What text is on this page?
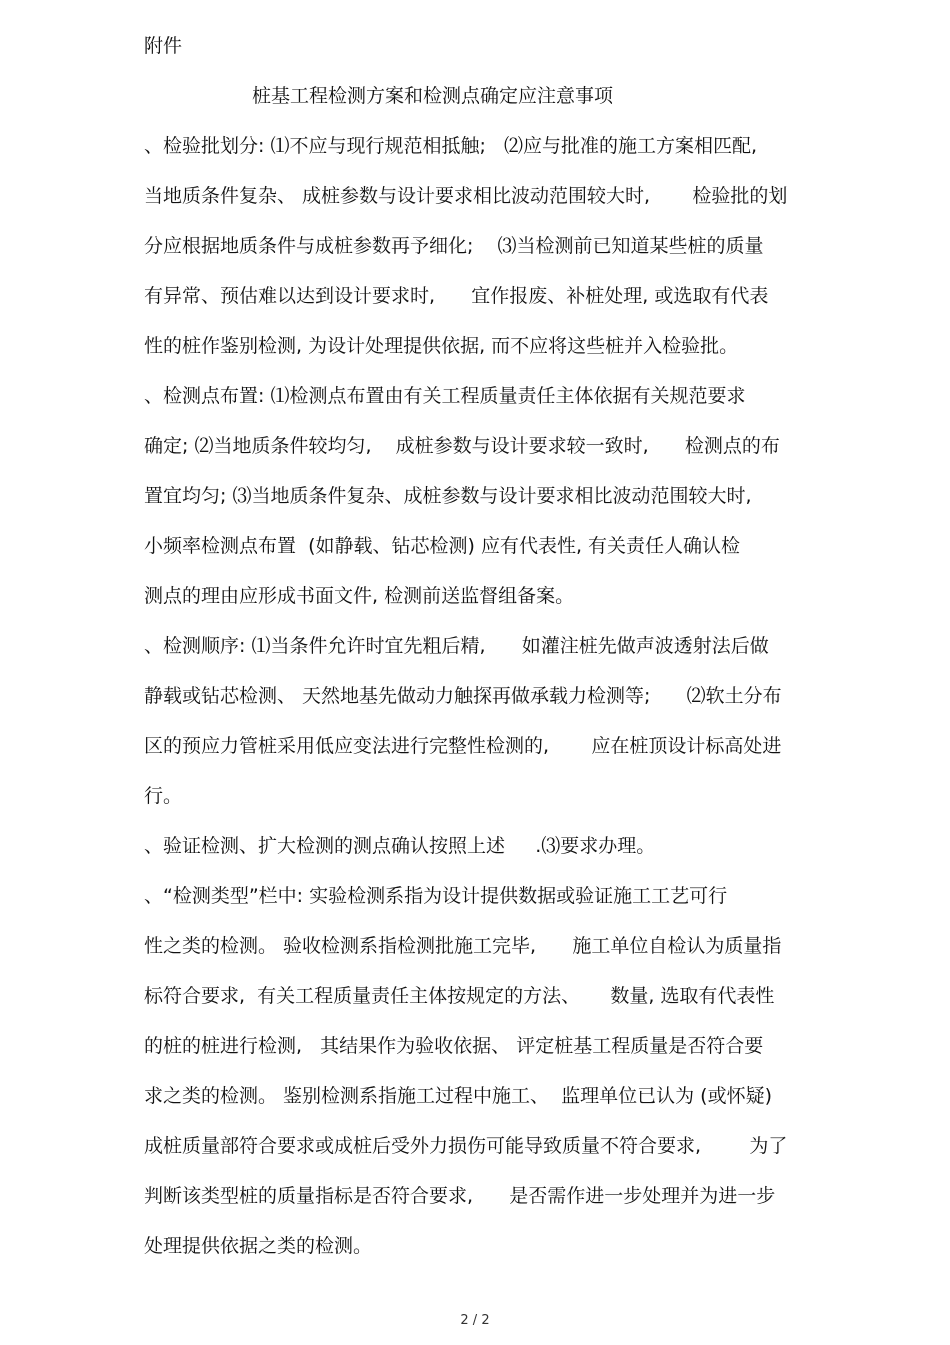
附件
桩基工程检测方案和检测点确定应注意事项
、检验批划分: ⑴不应与现行规范相抵触;   ⑵应与批准的施工方案相匹配,
当地质条件复杂、 成桩参数与设计要求相比波动范围较大时,       检验批的划
分应根据地质条件与成桩参数再予细化;    ⑶当检测前已知道某些桩的质量
有异常、预估难以达到设计要求时,      宜作报废、补桩处理, 或选取有代表
性的桩作鉴别检测, 为设计处理提供依据, 而不应将这些桩并入检验批。
、检测点布置: ⑴检测点布置由有关工程质量责任主体依据有关规范要求
确定; ⑵当地质条件较均匀,    成桩参数与设计要求较一致时,      检测点的布
置宜均匀; ⑶当地质条件复杂、成桩参数与设计要求相比波动范围较大时,
小频率检测点布置  (如静载、钻芯检测) 应有代表性, 有关责任人确认检
测点的理由应形成书面文件, 检测前送监督组备案。
、检测顺序: ⑴当条件允许时宜先粗后精,      如灌注桩先做声波透射法后做
静载或钻芯检测、 天然地基先做动力触探再做承载力检测等;      ⑵软土分布
区的预应力管桩采用低应变法进行完整性检测的,       应在桩顶设计标高处进
行。
、验证检测、扩大检测的测点确认按照上述     .⑶要求办理。
、“检测类型”栏中: 实验检测系指为设计提供数据或验证施工工艺可行
性之类的检测。 验收检测系指检测批施工完毕,      施工单位自检认为质量指
标符合要求,  有关工程质量责任主体按规定的方法、     数量, 选取有代表性
的桩的桩进行检测,   其结果作为验收依据、 评定桩基工程质量是否符合要
求之类的检测。 鉴别检测系指施工过程中施工、  监理单位已认为 (或怀疑)
成桩质量部符合要求或成桩后受外力损伤可能导致质量不符合要求,        为了
判断该类型桩的质量指标是否符合要求,      是否需作进一步处理并为进一步
处理提供依据之类的检测。
2 / 2
